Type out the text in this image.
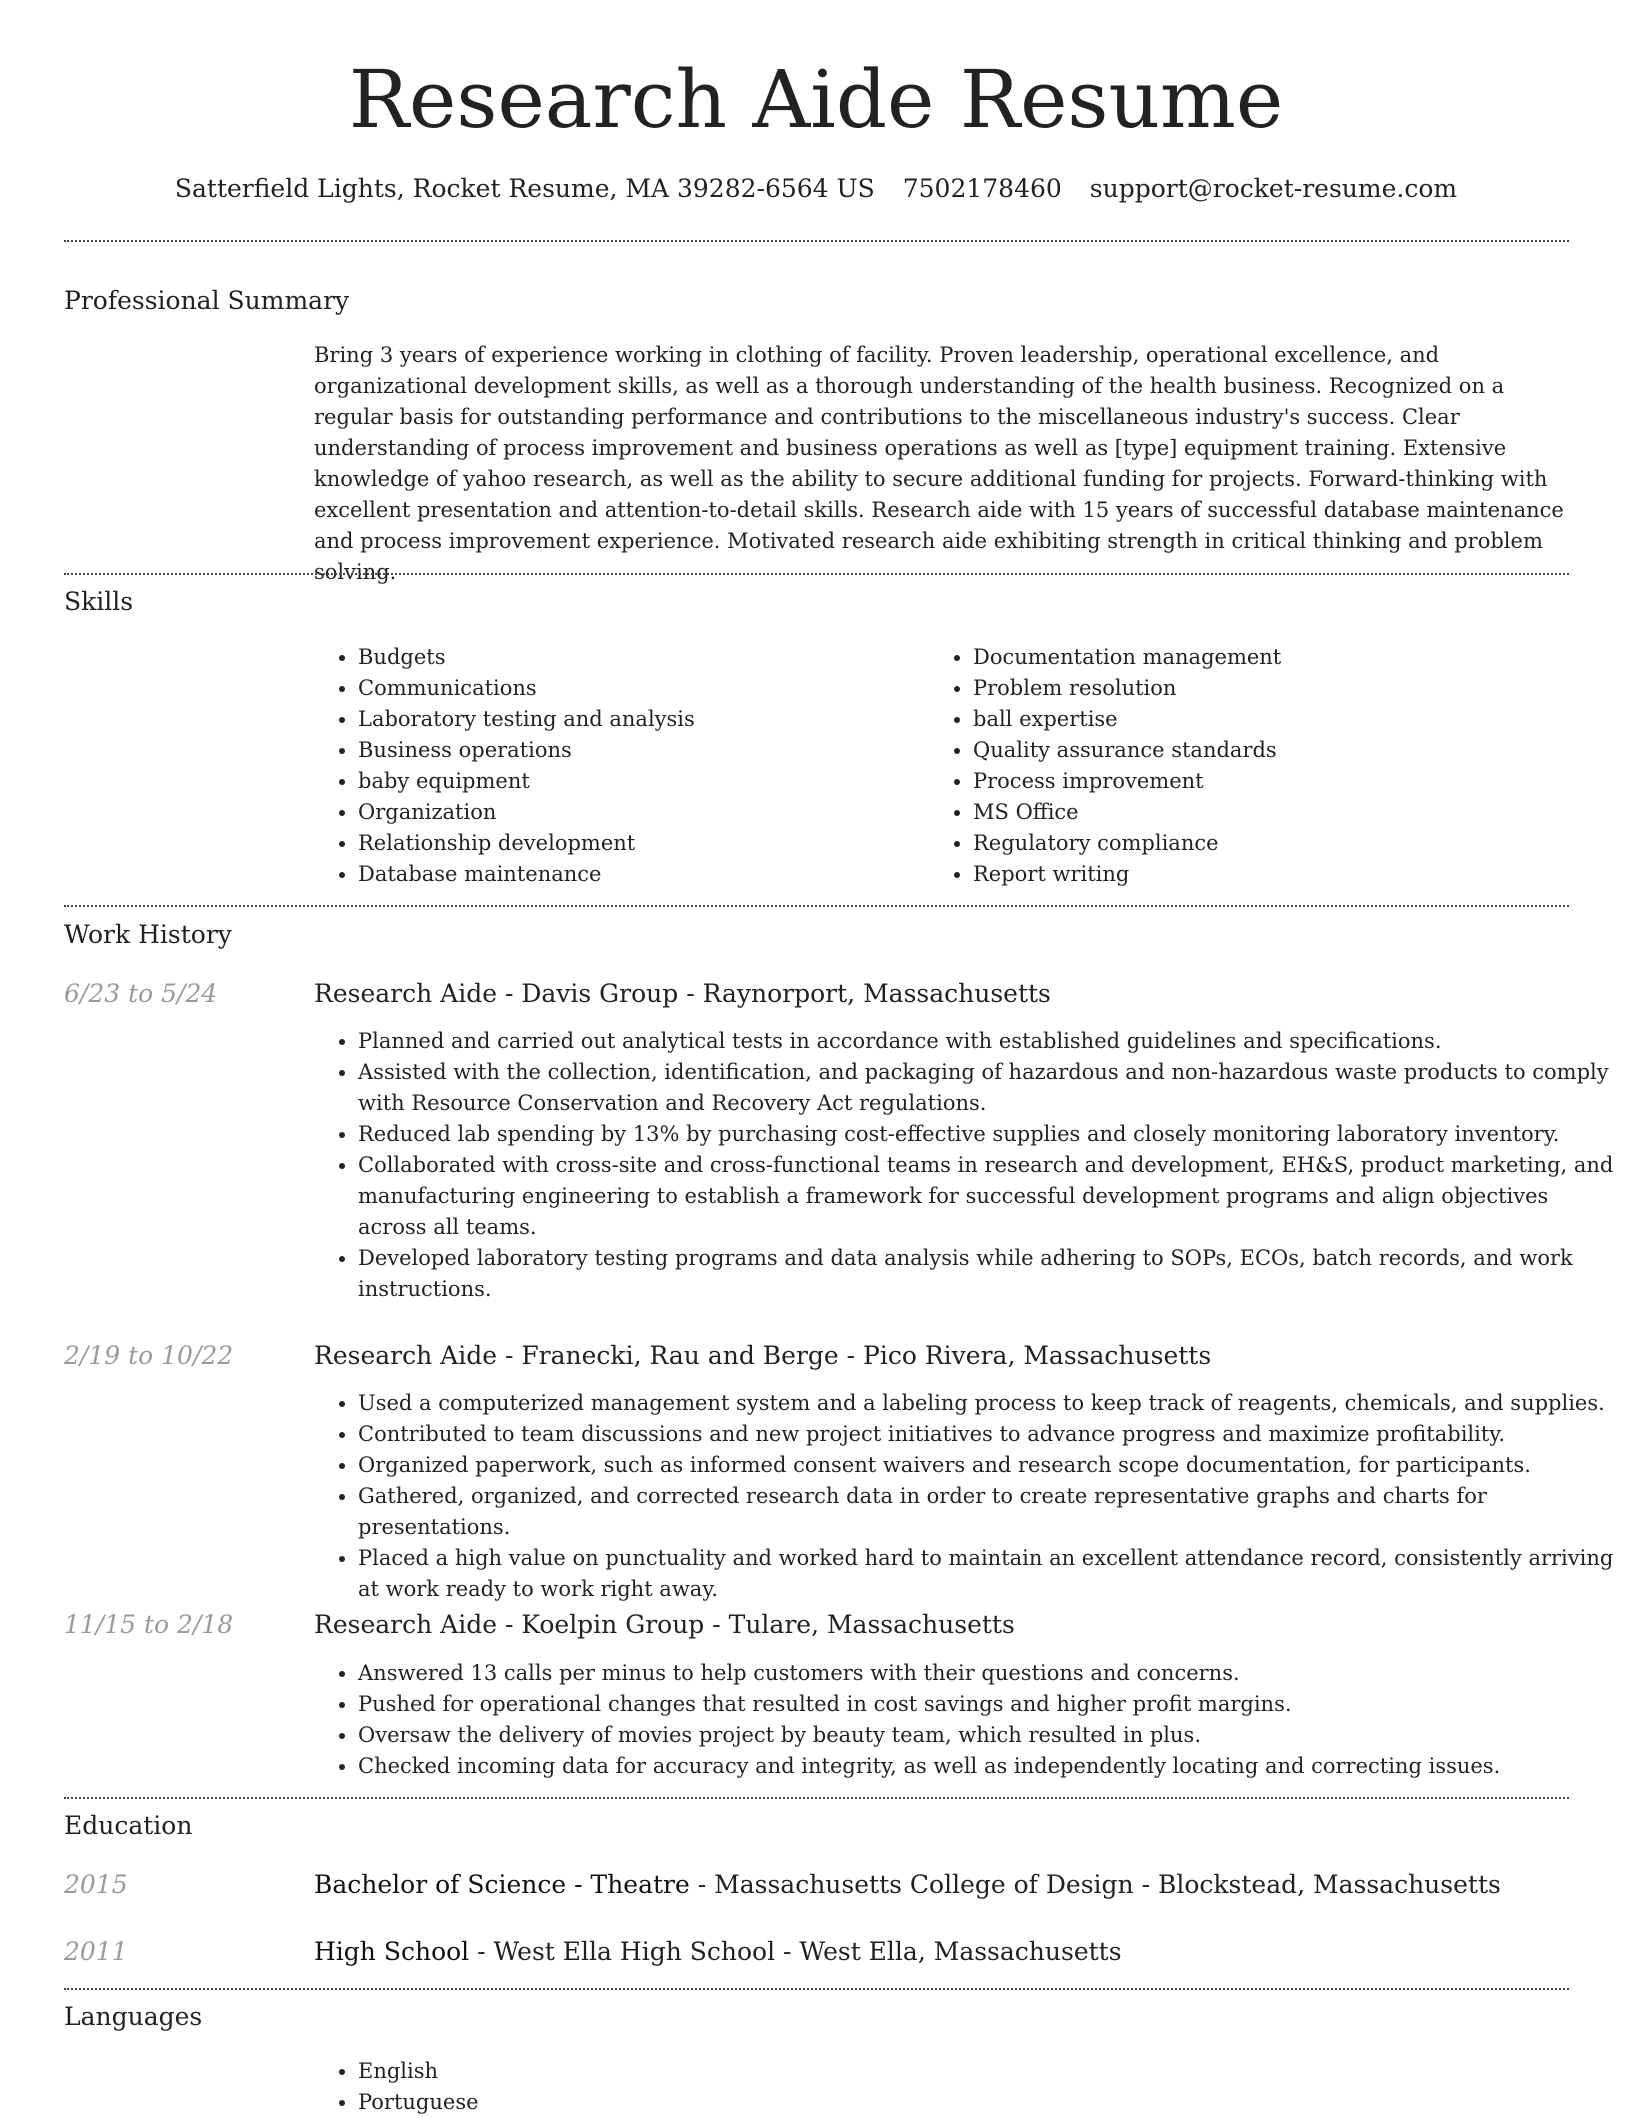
Research Aide Resume
Satterfield Lights, Rocket Resume, MA 39282-6564 US 7502178460 support@rocket-resume.com
Professional Summary

Bring 3 years of experience working in clothing of facility. Proven leadership, operational excellence, and organizational development skills, as well as a thorough understanding of the health business. Recognized on a regular basis for outstanding performance and contributions to the miscellaneous industry's success. Clear understanding of process improvement and business operations as well as [type] equipment training. Extensive knowledge of yahoo research, as well as the ability to secure additional funding for projects. Forward-thinking with excellent presentation and attention-to-detail skills. Research aide with 15 years of successful database maintenance and process improvement experience. Motivated research aide exhibiting strength in critical thinking and problem solving.

Skills
• Budgets
• Communications
• Laboratory testing and analysis
• Business operations
• baby equipment
• Organization
• Relationship development
• Database maintenance
• Documentation management
• Problem resolution
• ball expertise
• Quality assurance standards
• Process improvement
• MS Office
• Regulatory compliance
• Report writing
Work History
6/23 to 5/24	Research Aide - Davis Group - Raynorport, Massachusetts
• Planned and carried out analytical tests in accordance with established guidelines and specifications.
• Assisted with the collection, identification, and packaging of hazardous and non-hazardous waste products to comply with Resource Conservation and Recovery Act regulations.
• Reduced lab spending by 13% by purchasing cost-effective supplies and closely monitoring laboratory inventory.
• Collaborated with cross-site and cross-functional teams in research and development, EH&S, product marketing, and manufacturing engineering to establish a framework for successful development programs and align objectives across all teams.
• Developed laboratory testing programs and data analysis while adhering to SOPs, ECOs, batch records, and work instructions.
2/19 to 10/22	Research Aide - Franecki, Rau and Berge - Pico Rivera, Massachusetts
• Used a computerized management system and a labeling process to keep track of reagents, chemicals, and supplies.
• Contributed to team discussions and new project initiatives to advance progress and maximize profitability.
• Organized paperwork, such as informed consent waivers and research scope documentation, for participants.
• Gathered, organized, and corrected research data in order to create representative graphs and charts for presentations.
• Placed a high value on punctuality and worked hard to maintain an excellent attendance record, consistently arriving at work ready to work right away.
11/15 to 2/18	Research Aide - Koelpin Group - Tulare, Massachusetts
• Answered 13 calls per minus to help customers with their questions and concerns.
• Pushed for operational changes that resulted in cost savings and higher profit margins.
• Oversaw the delivery of movies project by beauty team, which resulted in plus.
• Checked incoming data for accuracy and integrity, as well as independently locating and correcting issues.
Education
2015	Bachelor of Science - Theatre - Massachusetts College of Design - Blockstead, Massachusetts
2011	High School - West Ella High School - West Ella, Massachusetts
Languages
• English
• Portuguese
